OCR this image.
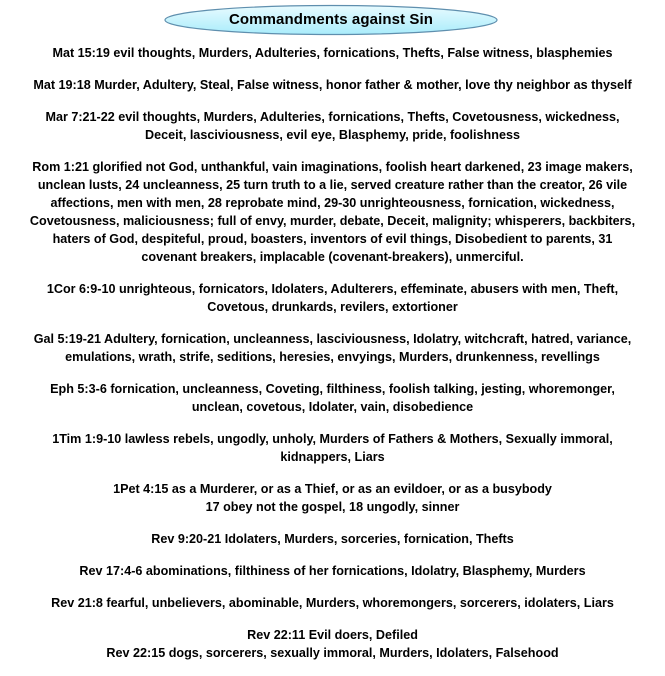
Commandments against Sin
Mat 15:19 evil thoughts, Murders, Adulteries, fornications, Thefts, False witness, blasphemies
Mat 19:18 Murder, Adultery, Steal, False witness, honor father & mother, love thy neighbor as thyself
Mar 7:21-22 evil thoughts, Murders, Adulteries, fornications, Thefts, Covetousness, wickedness,
Deceit, lasciviousness, evil eye, Blasphemy, pride, foolishness
Rom 1:21 glorified not God, unthankful, vain imaginations, foolish heart darkened, 23 image makers,
unclean lusts, 24 uncleanness, 25 turn truth to a lie, served creature rather than the creator, 26 vile
affections, men with men, 28 reprobate mind, 29-30 unrighteousness, fornication, wickedness,
Covetousness, maliciousness; full of envy, murder, debate, Deceit, malignity; whisperers, backbiters,
haters of God, despiteful, proud, boasters, inventors of evil things, Disobedient to parents, 31
covenant breakers, implacable (covenant-breakers), unmerciful.
1Cor 6:9-10 unrighteous, fornicators, Idolaters, Adulterers, effeminate, abusers with men, Theft,
Covetous, drunkards, revilers, extortioner
Gal 5:19-21 Adultery, fornication, uncleanness, lasciviousness, Idolatry, witchcraft, hatred, variance,
emulations, wrath, strife, seditions, heresies, envyings, Murders, drunkenness, revellings
Eph 5:3-6 fornication, uncleanness, Coveting, filthiness, foolish talking, jesting, whoremonger,
unclean, covetous, Idolater, vain, disobedience
1Tim 1:9-10 lawless rebels, ungodly, unholy, Murders of Fathers & Mothers, Sexually immoral,
kidnappers, Liars
1Pet 4:15 as a Murderer, or as a Thief, or as an evildoer, or as a busybody
17 obey not the gospel, 18 ungodly, sinner
Rev 9:20-21 Idolaters, Murders, sorceries, fornication, Thefts
Rev 17:4-6 abominations, filthiness of her fornications, Idolatry, Blasphemy, Murders
Rev 21:8 fearful, unbelievers, abominable, Murders, whoremongers, sorcerers, idolaters, Liars
Rev 22:11 Evil doers, Defiled
Rev 22:15 dogs, sorcerers, sexually immoral, Murders, Idolaters, Falsehood
